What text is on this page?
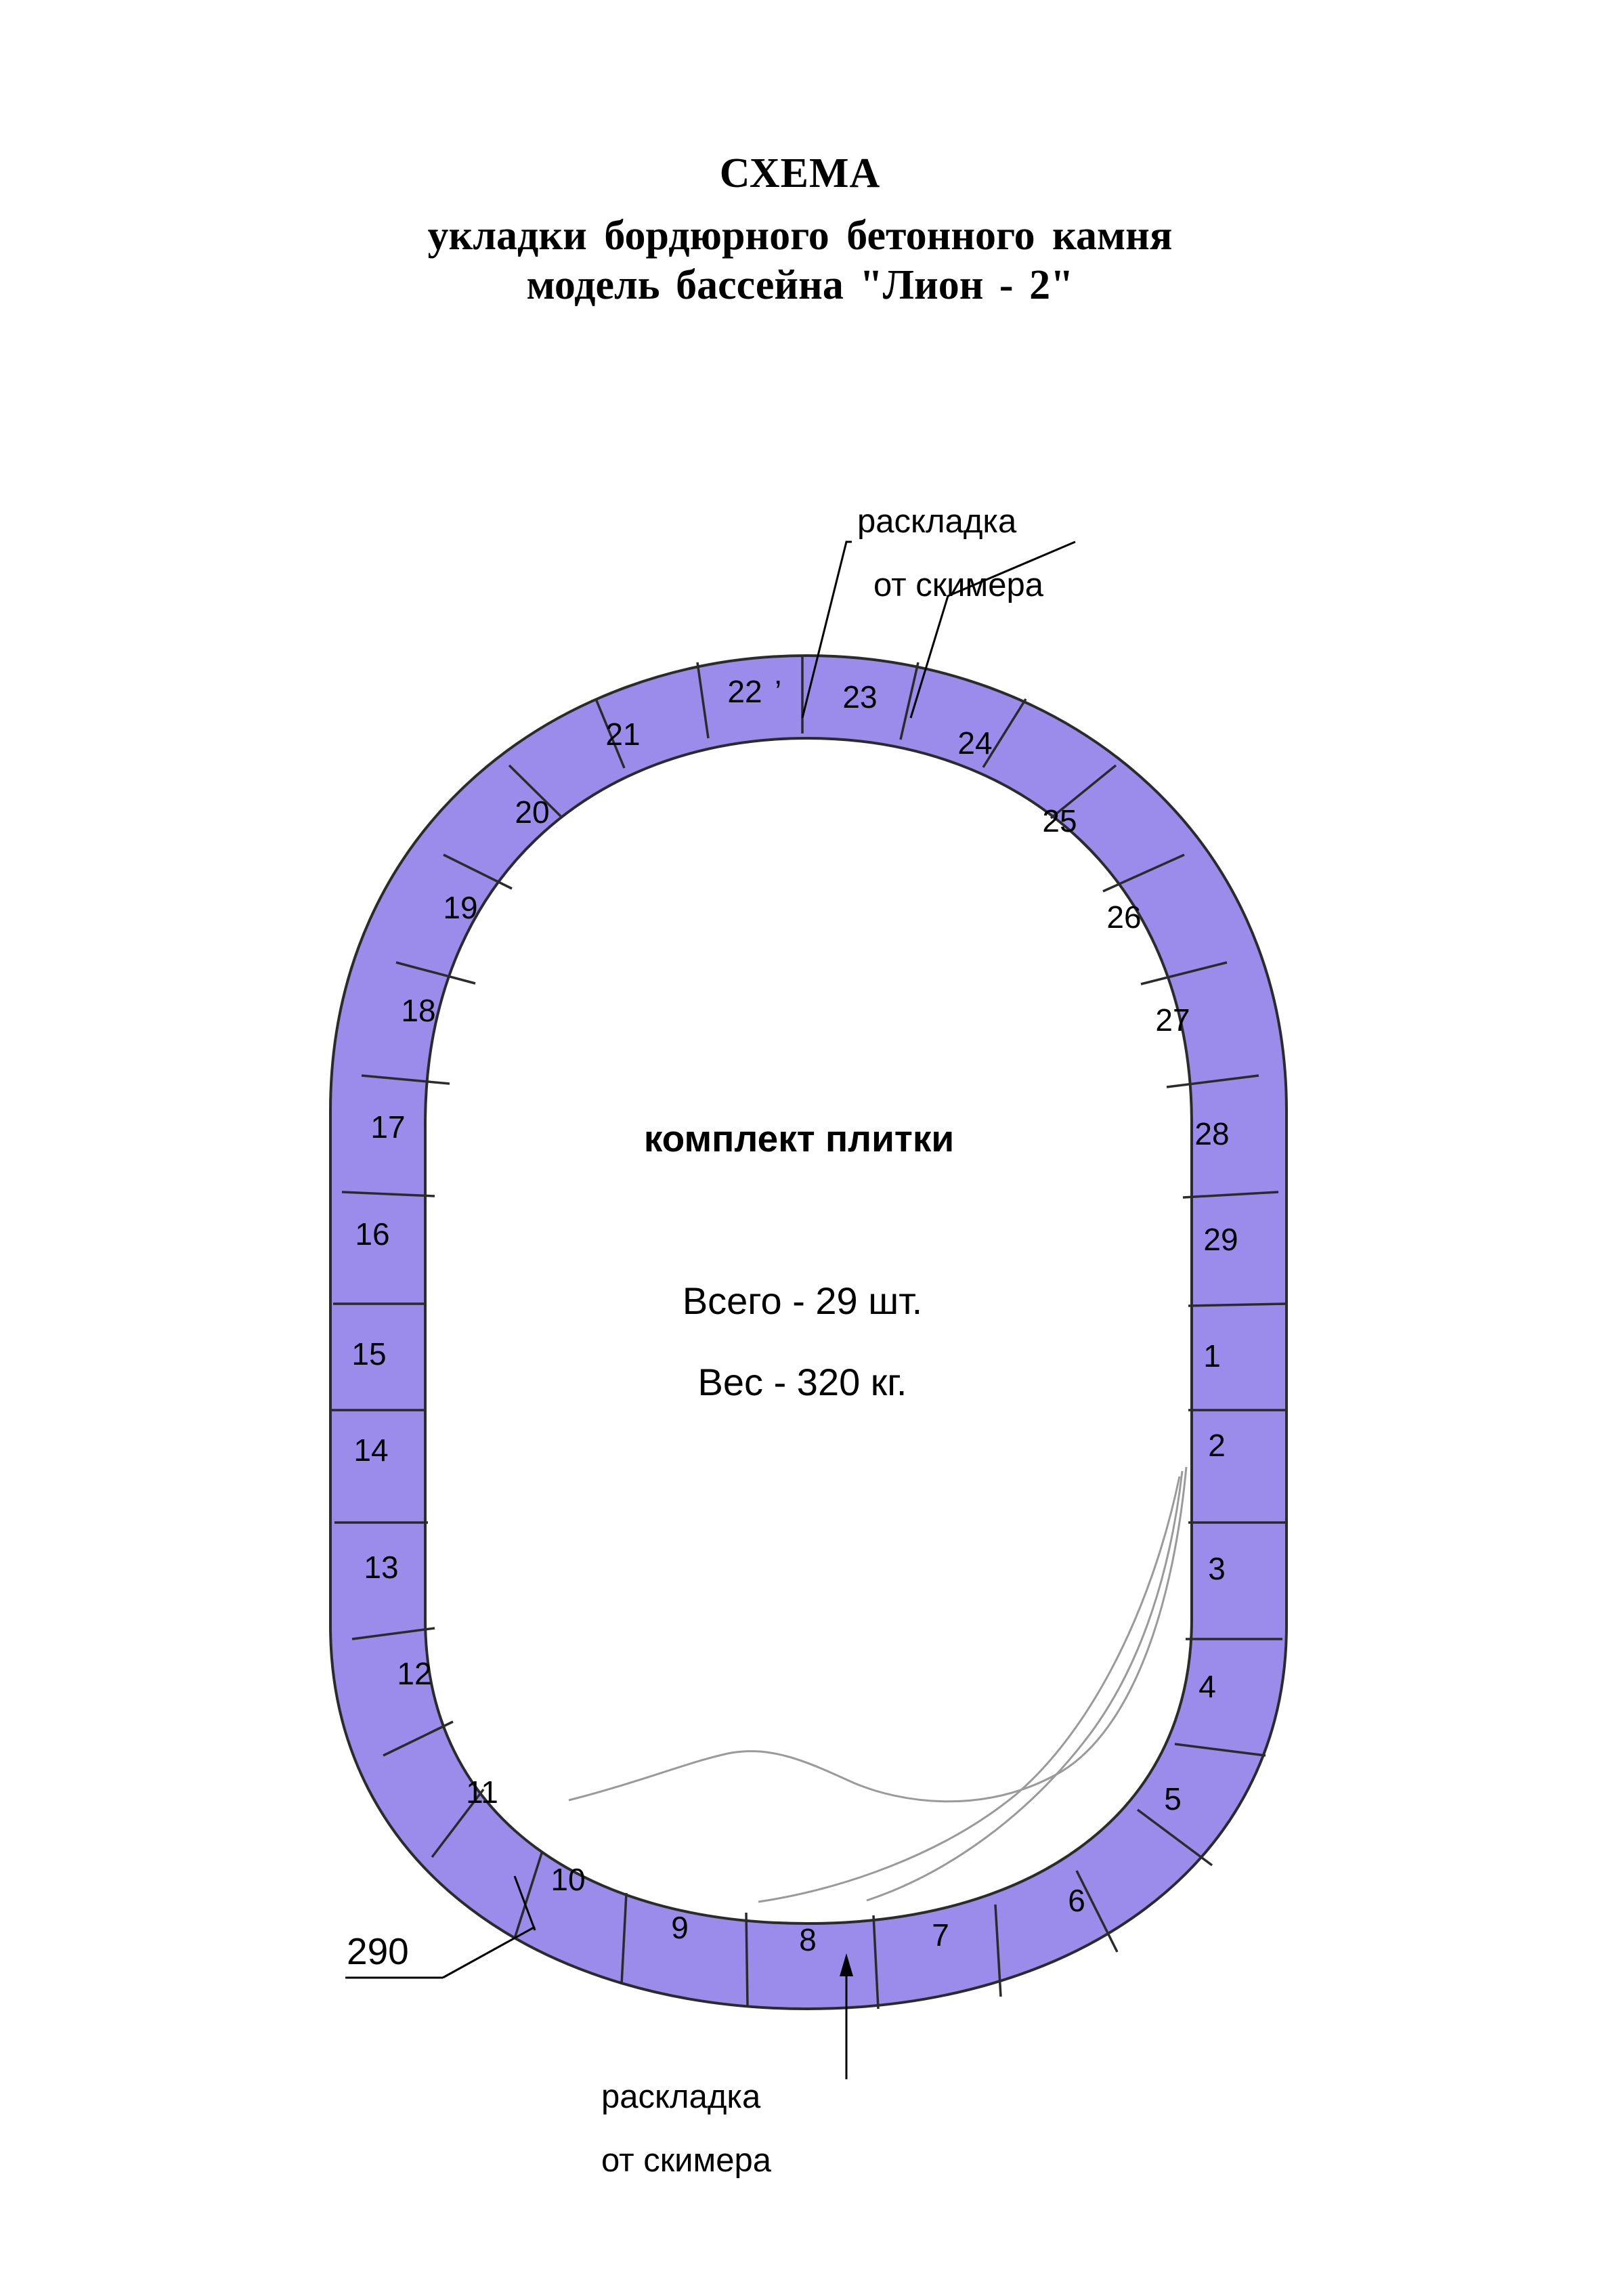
1
2
3
4
5
6
7
8
9
10
11
12
13
14
15
16
17
18
19
20
21
22	23
24
25
26
27
28
29
’
раскладка
от скимера
раскладка
от скимера
290
комплект плитки
Всего - 29 шт.
Вес - 320 кг.
